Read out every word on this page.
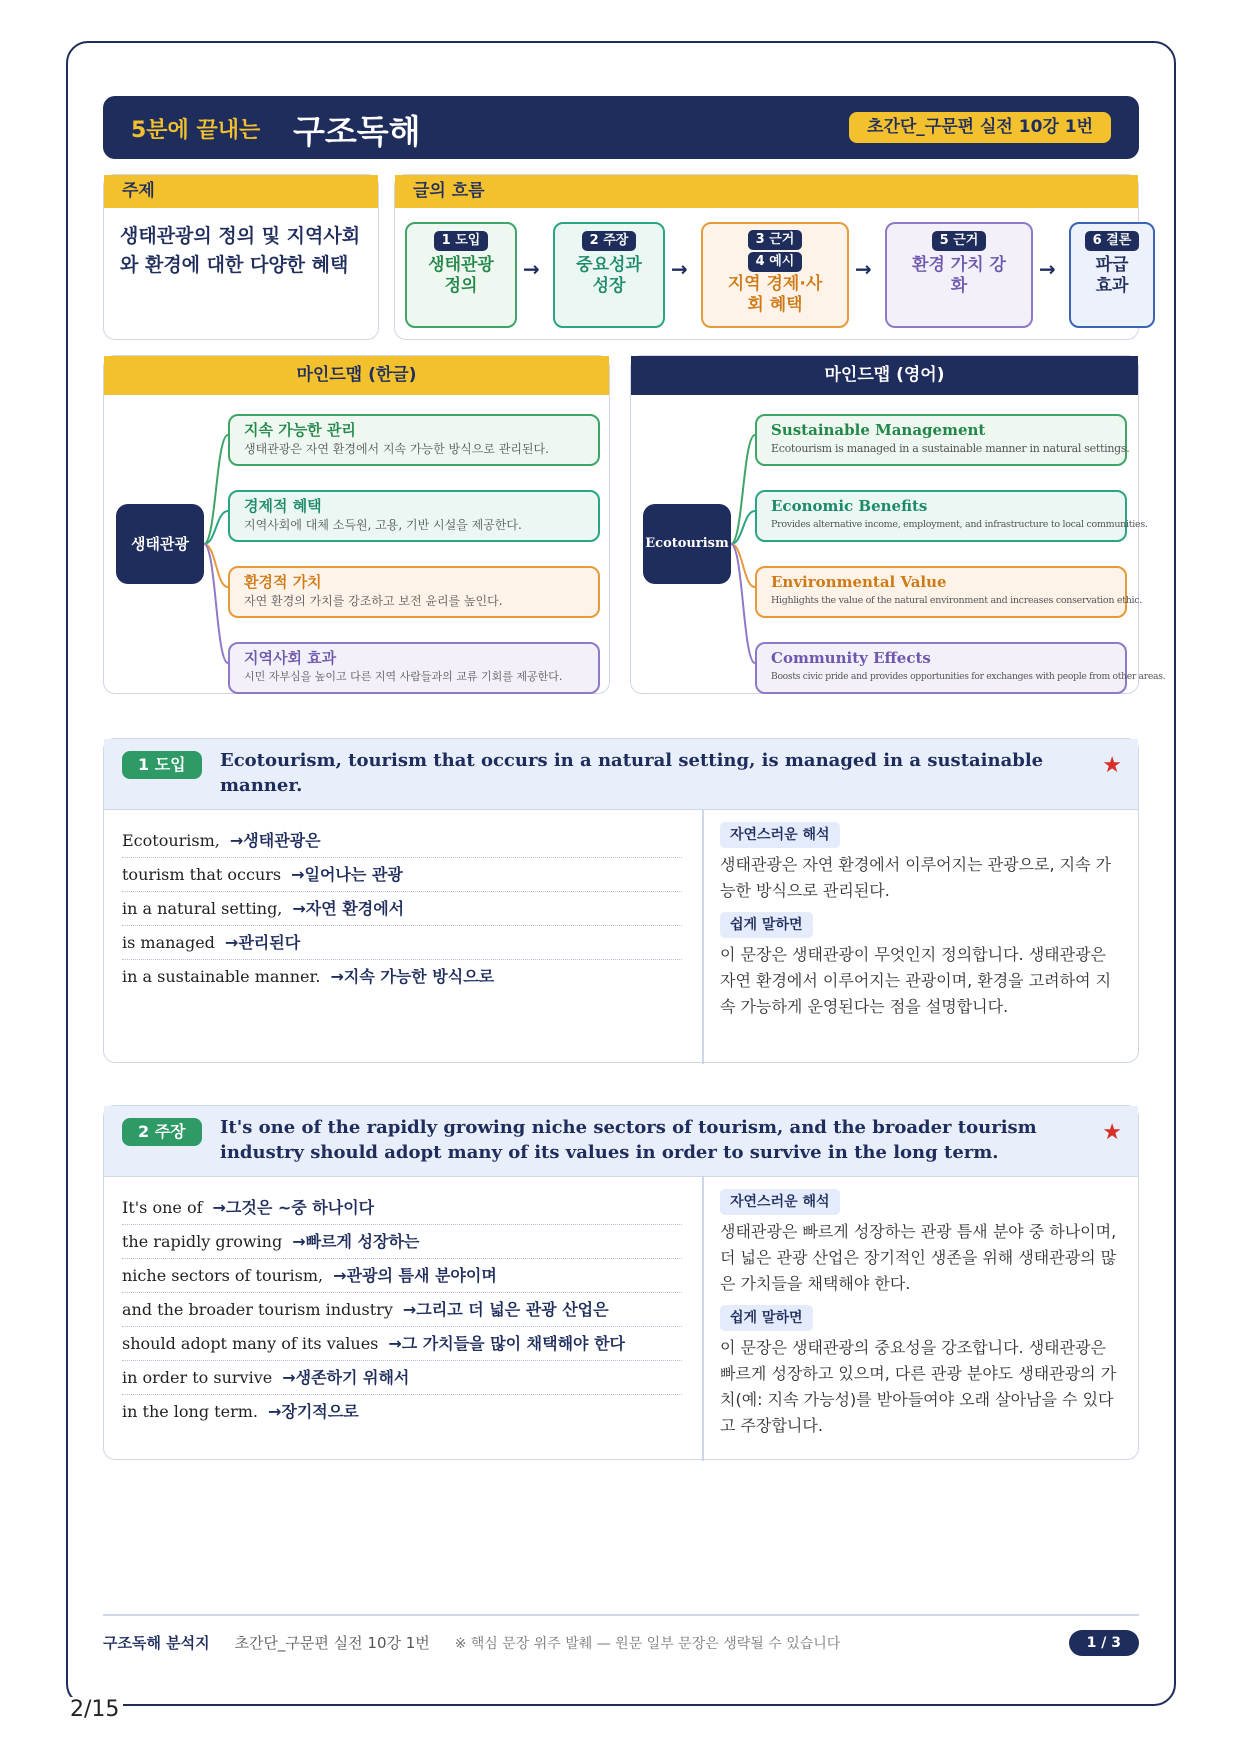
5분에 끝내는 구조독해	초간단_구문편 실전 10강 1번
주제
생태관광의 정의 및 지역사회와 환경에 대한 다양한 혜택
글의 흐름
1 도입
생태관광 정의
→
2 주장
중요성과 성장
→
3 근거
4 예시
지역 경제·사회 혜택
→
5 근거
환경 가치 강화
→
6 결론
파급 효과
마인드맵 (한글)
생태관광
지속 가능한 관리
생태관광은 자연 환경에서 지속 가능한 방식으로 관리된다.
경제적 혜택
지역사회에 대체 소득원, 고용, 기반 시설을 제공한다.
환경적 가치
자연 환경의 가치를 강조하고 보전 윤리를 높인다.
지역사회 효과
시민 자부심을 높이고 다른 지역 사람들과의 교류 기회를 제공한다.
마인드맵 (영어)
Ecotourism
Sustainable Management
Ecotourism is managed in a sustainable manner in natural settings.
Economic Benefits
Provides alternative income, employment, and infrastructure to local communities.
Environmental Value
Highlights the value of the natural environment and increases conservation ethic.
Community Effects
Boosts civic pride and provides opportunities for exchanges with people from other areas.
1 도입	Ecotourism, tourism that occurs in a natural setting, is managed in a sustainable manner.
★
Ecotourism, →생태관광은
tourism that occurs →일어나는 관광
in a natural setting, →자연 환경에서
is managed →관리된다
in a sustainable manner. →지속 가능한 방식으로
자연스러운 해석

생태관광은 자연 환경에서 이루어지는 관광으로, 지속 가능한 방식으로 관리된다.

쉽게 말하면

이 문장은 생태관광이 무엇인지 정의합니다. 생태관광은 자연 환경에서 이루어지는 관광이며, 환경을 고려하여 지속 가능하게 운영된다는 점을 설명합니다.

2 주장	It's one of the rapidly growing niche sectors of tourism, and the broader tourism industry should adopt many of its values in order to survive in the long term.
★
It's one of →그것은 ~중 하나이다
the rapidly growing →빠르게 성장하는
niche sectors of tourism, →관광의 틈새 분야이며
and the broader tourism industry →그리고 더 넓은 관광 산업은
should adopt many of its values →그 가치들을 많이 채택해야 한다
in order to survive →생존하기 위해서
in the long term. →장기적으로
자연스러운 해석

생태관광은 빠르게 성장하는 관광 틈새 분야 중 하나이며, 더 넓은 관광 산업은 장기적인 생존을 위해 생태관광의 많은 가치들을 채택해야 한다.

쉽게 말하면

이 문장은 생태관광의 중요성을 강조합니다. 생태관광은 빠르게 성장하고 있으며, 다른 관광 분야도 생태관광의 가치(예: 지속 가능성)를 받아들여야 오래 살아남을 수 있다고 주장합니다.

구조독해 분석지 초간단_구문편 실전 10강 1번 ※ 핵심 문장 위주 발췌 — 원문 일부 문장은 생략될 수 있습니다	1 / 3
2/15
